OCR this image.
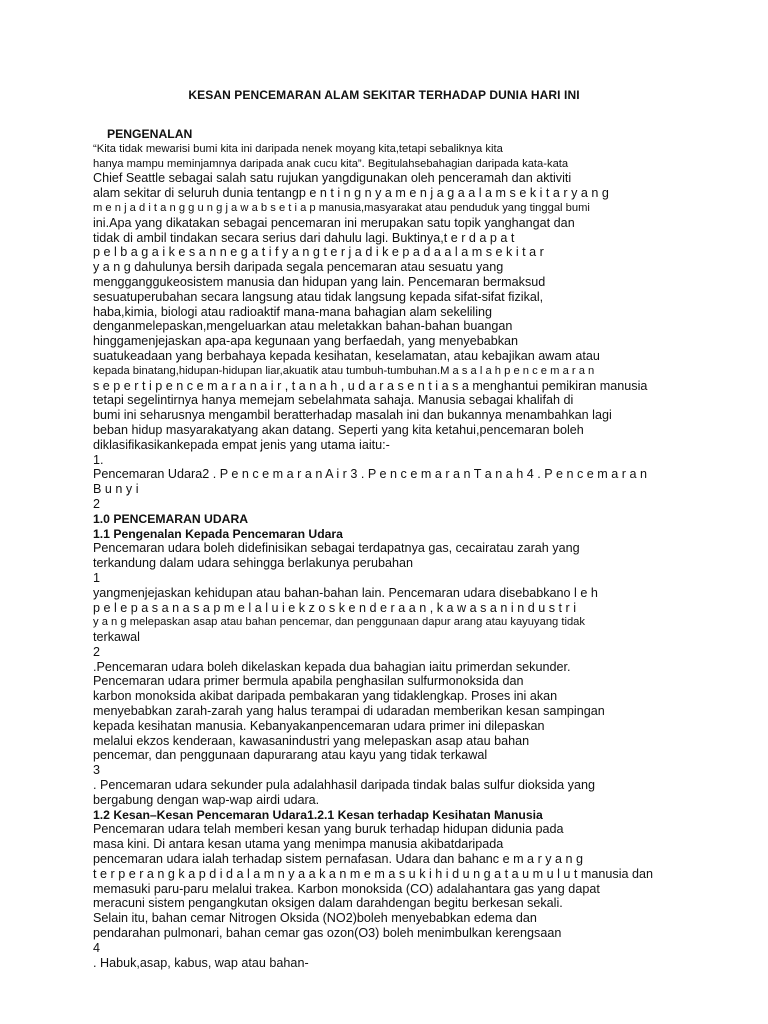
KESAN PENCEMARAN ALAM SEKITAR TERHADAP DUNIA HARI INI
PENGENALAN
“Kita tidak mewarisi bumi kita ini daripada nenek moyang kita,tetapi sebaliknya kita
hanya mampu meminjamnya daripada anak cucu kita”. Begitulahsebahagian daripada kata-kata
Chief Seattle sebagai salah satu rujukan yangdigunakan oleh penceramah dan aktiviti
alam sekitar di seluruh dunia tentangp e n t i n g n y a m e n j a g a a l a m s e k i t a r y a n g
m e n j a d i t a n g g u n g j a w a b s e t i a p manusia,masyarakat atau penduduk yang tinggal bumi
ini.Apa yang dikatakan sebagai pencemaran ini merupakan satu topik yanghangat dan
tidak di ambil tindakan secara serius dari dahulu lagi. Buktinya,t e r d a p a t
p e l b a g a i k e s a n n e g a t i f y a n g t e r j a d i k e p a d a a l a m s e k i t a r
y a n g dahulunya bersih daripada segala pencemaran atau sesuatu yang
mengganggukeosistem manusia dan hidupan yang lain. Pencemaran bermaksud
sesuatuperubahan secara langsung atau tidak langsung kepada sifat-sifat fizikal,
haba,kimia, biologi atau radioaktif mana-mana bahagian alam sekeliling
denganmelepaskan,mengeluarkan atau meletakkan bahan-bahan buangan
hinggamenjejaskan apa-apa kegunaan yang berfaedah, yang menyebabkan
suatukeadaan yang berbahaya kepada kesihatan, keselamatan, atau kebajikan awam atau
kepada binatang,hidupan-hidupan liar,akuatik atau tumbuh-tumbuhan.M a s a l a h p e n c e m a r a n
s e p e r t i p e n c e m a r a n a i r , t a n a h , u d a r a s e n t i a s a menghantui pemikiran manusia
tetapi segelintirnya hanya memejam sebelahmata sahaja. Manusia sebagai khalifah di
bumi ini seharusnya mengambil beratterhadap masalah ini dan bukannya menambahkan lagi
beban hidup masyarakatyang akan datang. Seperti yang kita ketahui,pencemaran boleh
diklasifikasikankepada empat jenis yang utama iaitu:-
1.
Pencemaran Udara2 . P e n c e m a r a n A i r 3 . P e n c e m a r a n T a n a h 4 . P e n c e m a r a n
B u n y i
2
1.0 PENCEMARAN UDARA
1.1 Pengenalan Kepada Pencemaran Udara
Pencemaran udara boleh didefinisikan sebagai terdapatnya gas, cecairatau zarah yang
terkandung dalam udara sehingga berlakunya perubahan
1
yangmenjejaskan kehidupan atau bahan-bahan lain. Pencemaran udara disebabkano l e h
p e l e p a s a n a s a p m e l a l u i e k z o s k e n d e r a a n , k a w a s a n i n d u s t r i
y a n g melepaskan asap atau bahan pencemar, dan penggunaan dapur arang atau kayuyang tidak
terkawal
2
.Pencemaran udara boleh dikelaskan kepada dua bahagian iaitu primerdan sekunder.
Pencemaran udara primer bermula apabila penghasilan sulfurmonoksida dan
karbon monoksida akibat daripada pembakaran yang tidaklengkap. Proses ini akan
menyebabkan zarah-zarah yang halus terampai di udaradan memberikan kesan sampingan
kepada kesihatan manusia. Kebanyakanpencemaran udara primer ini dilepaskan
melalui ekzos kenderaan, kawasanindustri yang melepaskan asap atau bahan
pencemar, dan penggunaan dapurarang atau kayu yang tidak terkawal
3
. Pencemaran udara sekunder pula adalahhasil daripada tindak balas sulfur dioksida yang
bergabung dengan wap-wap airdi udara.
1.2 Kesan–Kesan Pencemaran Udara1.2.1 Kesan terhadap Kesihatan Manusia
Pencemaran udara telah memberi kesan yang buruk terhadap hidupan didunia pada
masa kini. Di antara kesan utama yang menimpa manusia akibatdaripada
pencemaran udara ialah terhadap sistem pernafasan. Udara dan bahanc e m a r y a n g
t e r p e r a n g k a p d i d a l a m n y a a k a n m e m a s u k i h i d u n g a t a u m u l u t manusia dan
memasuki paru-paru melalui trakea. Karbon monoksida (CO) adalahantara gas yang dapat
meracuni sistem pengangkutan oksigen dalam darahdengan begitu berkesan sekali.
Selain itu, bahan cemar Nitrogen Oksida (NO2)boleh menyebabkan edema dan
pendarahan pulmonari, bahan cemar gas ozon(O3) boleh menimbulkan kerengsaan
4
. Habuk,asap, kabus, wap atau bahan-
